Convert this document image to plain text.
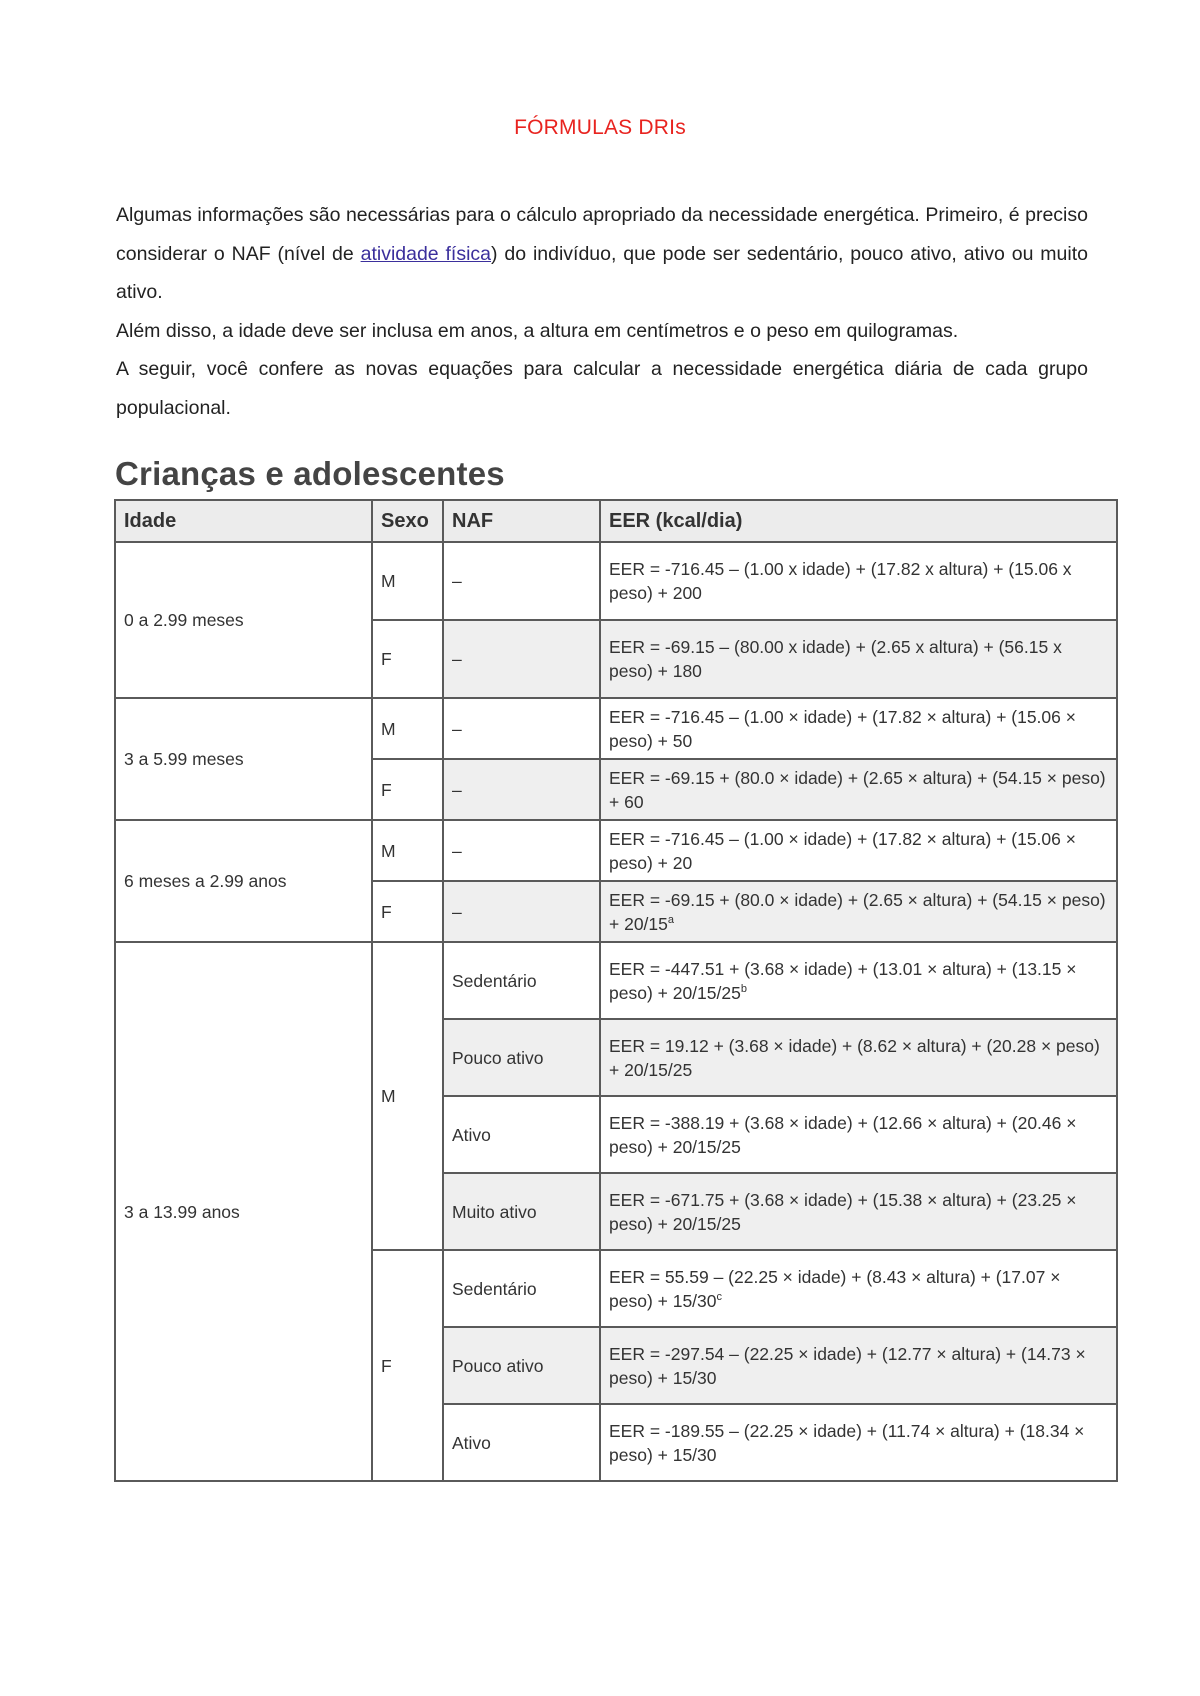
FÓRMULAS DRIs

Algumas informações são necessárias para o cálculo apropriado da necessidade energética. Primeiro, é preciso considerar o NAF (nível de atividade física) do indivíduo, que pode ser sedentário, pouco ativo, ativo ou muito ativo.

Além disso, a idade deve ser inclusa em anos, a altura em centímetros e o peso em quilogramas.

A seguir, você confere as novas equações para calcular a necessidade energética diária de cada grupo populacional.

Crianças e adolescentes
Idade	Sexo	NAF	EER (kcal/dia)
0 a 2.99 meses	M	–	EER = -716.45 – (1.00 x idade) + (17.82 x altura) + (15.06 x peso) + 200
	F	–	EER = -69.15 – (80.00 x idade) + (2.65 x altura) + (56.15 x peso) + 180
3 a 5.99 meses	M	–	EER = -716.45 – (1.00 × idade) + (17.82 × altura) + (15.06 × peso) + 50
	F	–	EER = -69.15 + (80.0 × idade) + (2.65 × altura) + (54.15 × peso) + 60
6 meses a 2.99 anos	M	–	EER = -716.45 – (1.00 × idade) + (17.82 × altura) + (15.06 × peso) + 20
	F	–	EER = -69.15 + (80.0 × idade) + (2.65 × altura) + (54.15 × peso) + $20/15^a$
3 a 13.99 anos	M	Sedentário	EER = -447.51 + (3.68 × idade) + (13.01 × altura) + (13.15 × peso) + $20/15/25^b$
		Pouco ativo	EER = 19.12 + (3.68 × idade) + (8.62 × altura) + (20.28 × peso) + 20/15/25
		Ativo	EER = -388.19 + (3.68 × idade) + (12.66 × altura) + (20.46 × peso) + 20/15/25
		Muito ativo	EER = -671.75 + (3.68 × idade) + (15.38 × altura) + (23.25 × peso) + 20/15/25
	F	Sedentário	EER = 55.59 – (22.25 × idade) + (8.43 × altura) + (17.07 × peso) + $15/30^c$
		Pouco ativo	EER = -297.54 – (22.25 × idade) + (12.77 × altura) + (14.73 × peso) + 15/30
		Ativo	EER = -189.55 – (22.25 × idade) + (11.74 × altura) + (18.34 × peso) + 15/30
